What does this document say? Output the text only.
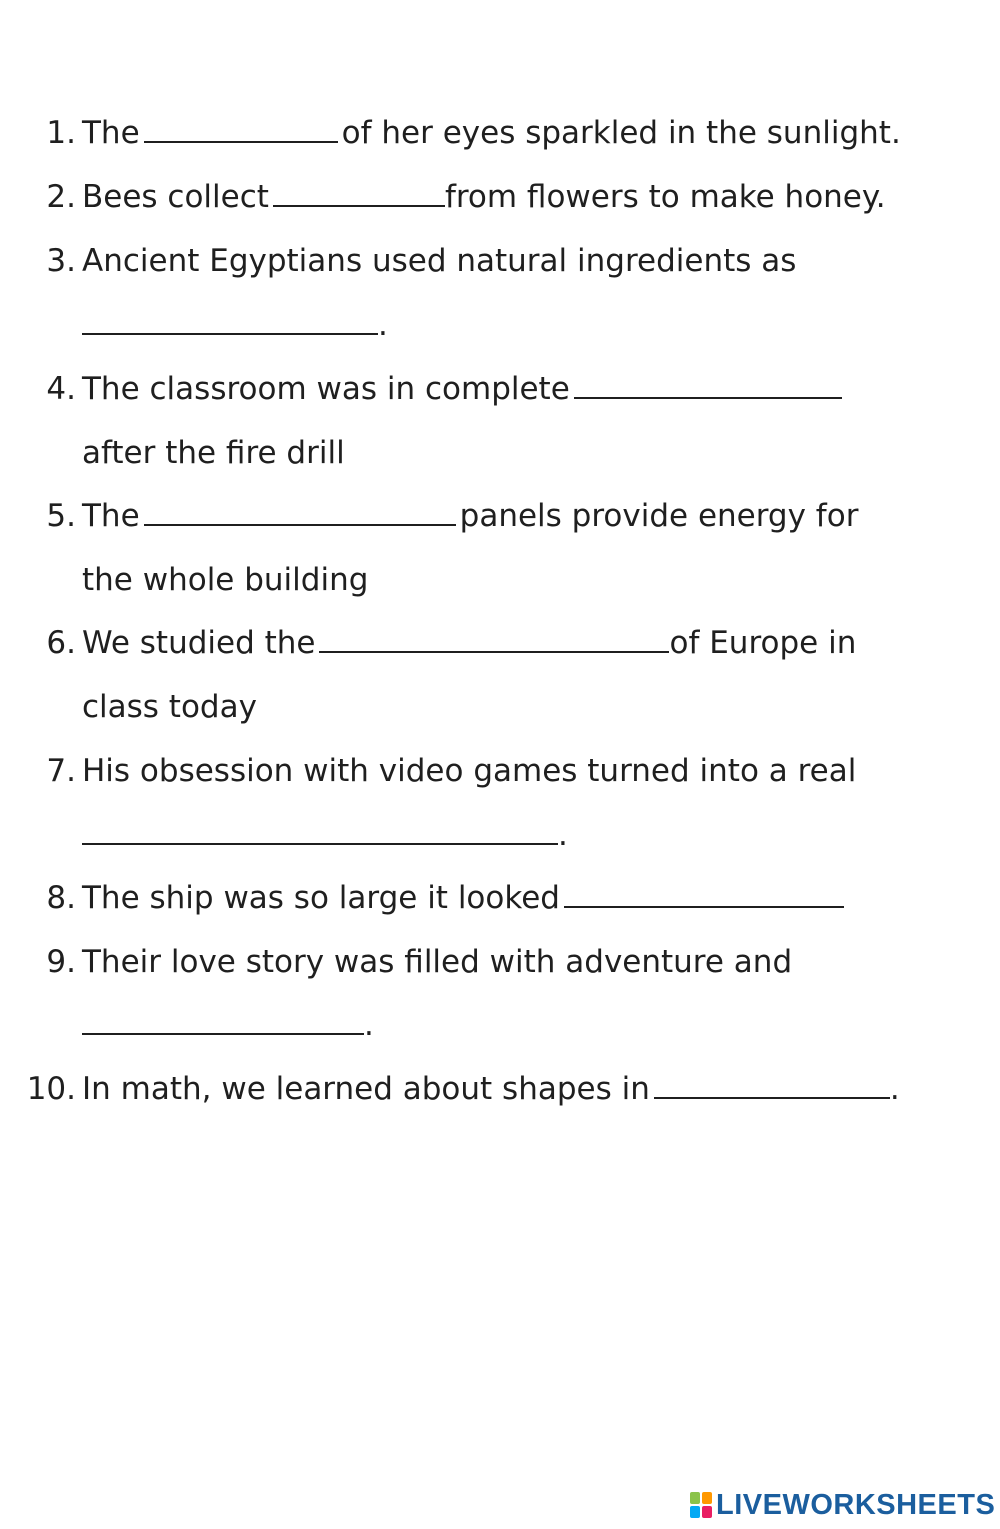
1. The	of her eyes sparkled in the sunlight.
2. Bees collect	from flowers to make honey.
3. Ancient Egyptians used natural ingredients as
.
4. The classroom was in complete
after the fire drill
5. The	panels provide energy for
the whole building
6. We studied the	of Europe in
class today
7. His obsession with video games turned into a real
.
8. The ship was so large it looked
9. Their love story was filled with adventure and
.
10. In math, we learned about shapes in	.
LIVEWORKSHEETS
